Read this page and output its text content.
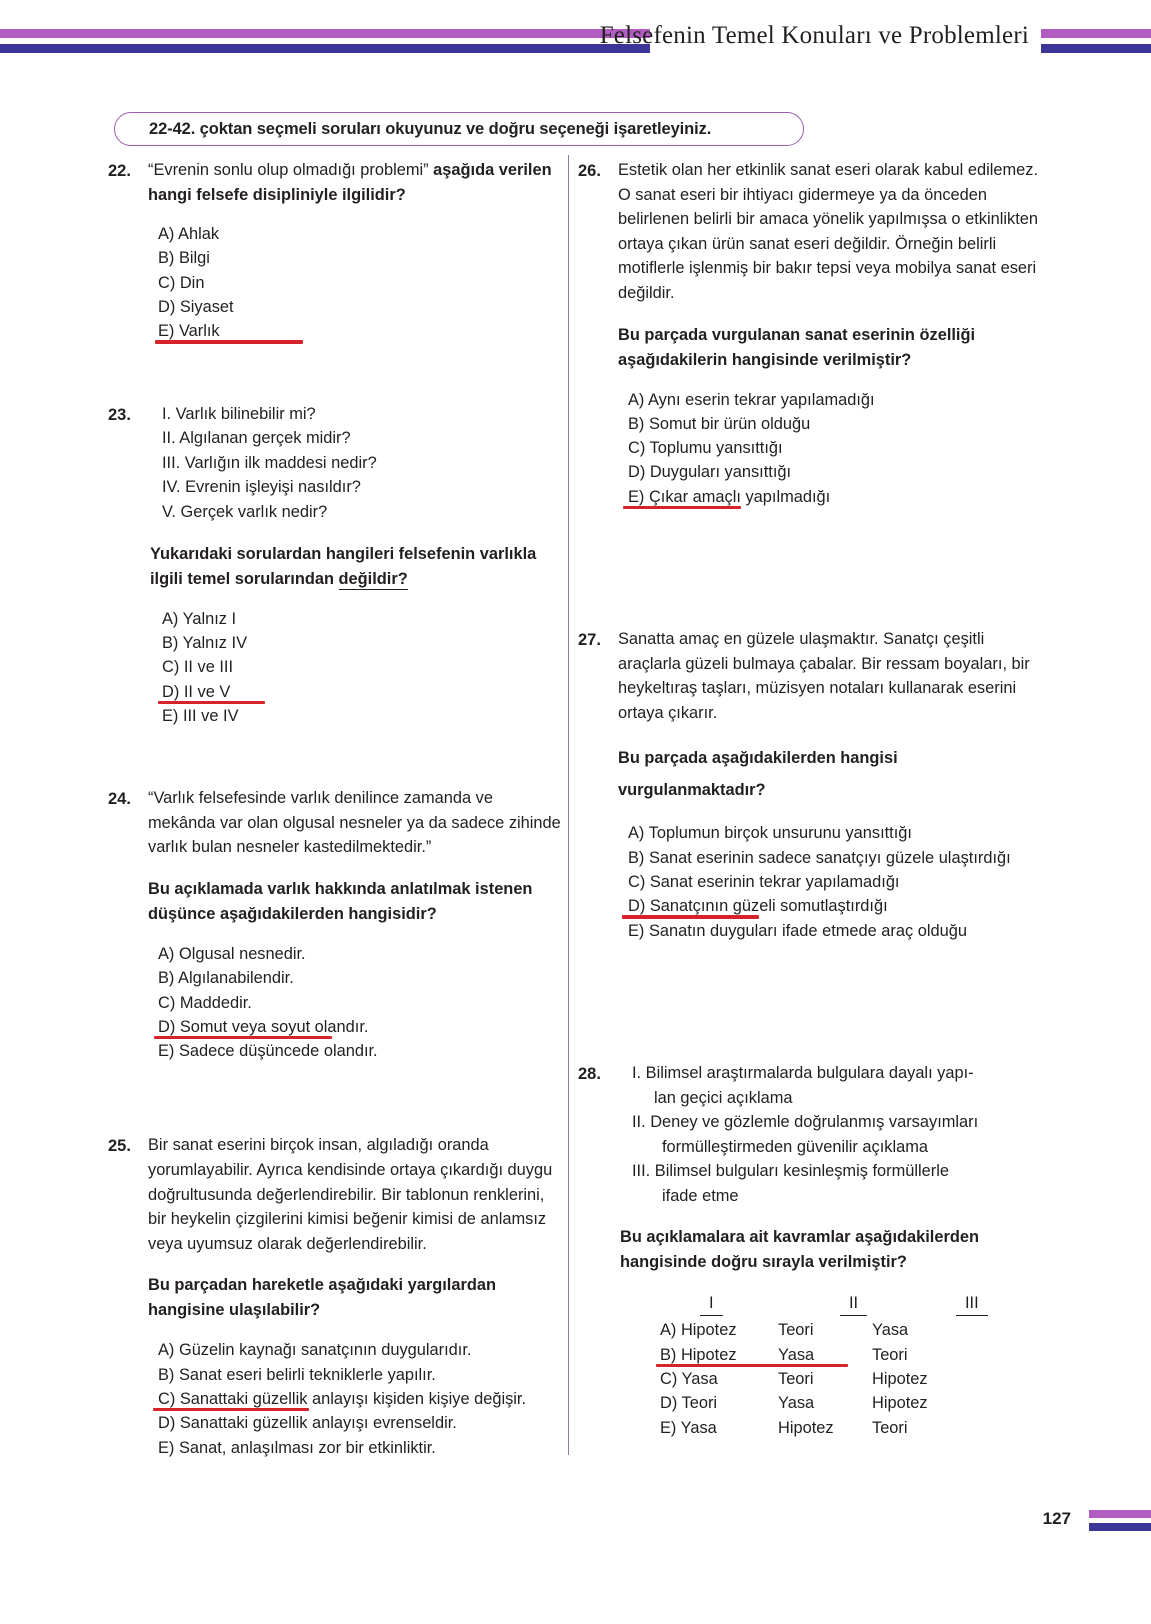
Felsefenin Temel Konuları ve Problemleri
22-42. çoktan seçmeli soruları okuyunuz ve doğru seçeneği işaretleyiniz.
22.	“Evrenin sonlu olup olmadığı problemi” aşağıda verilen hangi felsefe disipliniyle ilgilidir?
A) Ahlak B) Bilgi C) Din D) Siyaset E) Varlık
23.	I. Varlık bilinebilir mi?
II. Algılanan gerçek midir?
III. Varlığın ilk maddesi nedir?
IV. Evrenin işleyişi nasıldır?
V. Gerçek varlık nedir?
Yukarıdaki sorulardan hangileri felsefenin varlıkla ilgili temel sorularından değildir?
A) Yalnız I B) Yalnız IV C) II ve III D) II ve V
E) III ve IV
24.	“Varlık felsefesinde varlık denilince zamanda ve mekânda var olan olgusal nesneler ya da sadece zihinde varlık bulan nesneler kastedilmektedir.”
Bu açıklamada varlık hakkında anlatılmak istenen düşünce aşağıdakilerden hangisidir?
A) Olgusal nesnedir. B) Algılanabilendir. C) Maddedir. D) Somut veya soyut olandır.
E) Sadece düşüncede olandır.
25.	Bir sanat eserini birçok insan, algıladığı oranda yorumlayabilir. Ayrıca kendisinde ortaya çıkardığı duygu doğrultusunda değerlendirebilir. Bir tablonun renklerini, bir heykelin çizgilerini kimisi beğenir kimisi de anlamsız veya uyumsuz olarak değerlendirebilir.
Bu parçadan hareketle aşağıdaki yargılardan hangisine ulaşılabilir?
A) Güzelin kaynağı sanatçının duygularıdır. B) Sanat eseri belirli tekniklerle yapılır. C) Sanattaki güzellik anlayışı kişiden kişiye değişir.
D) Sanattaki güzellik anlayışı evrenseldir. E) Sanat, anlaşılması zor bir etkinliktir.
26.	Estetik olan her etkinlik sanat eseri olarak kabul edilemez. O sanat eseri bir ihtiyacı gidermeye ya da önceden belirlenen belirli bir amaca yönelik yapılmışsa o etkinlikten ortaya çıkan ürün sanat eseri değildir. Örneğin belirli motiflerle işlenmiş bir bakır tepsi veya mobilya sanat eseri değildir.
Bu parçada vurgulanan sanat eserinin özelliği aşağıdakilerin hangisinde verilmiştir?
A) Aynı eserin tekrar yapılamadığı B) Somut bir ürün olduğu C) Toplumu yansıttığı D) Duyguları yansıttığı E) Çıkar amaçlı yapılmadığı
27.	Sanatta amaç en güzele ulaşmaktır. Sanatçı çeşitli araçlarla güzeli bulmaya çabalar. Bir ressam boyaları, bir heykeltıraş taşları, müzisyen notaları kullanarak eserini ortaya çıkarır.
Bu parçada aşağıdakilerden hangisi vurgulanmaktadır?
A) Toplumun birçok unsurunu yansıttığı B) Sanat eserinin sadece sanatçıyı güzele ulaştırdığı C) Sanat eserinin tekrar yapılamadığı D) Sanatçının güzeli somutlaştırdığı
E) Sanatın duyguları ifade etmede araç olduğu
28.	I. Bilimsel araştırmalarda bulgulara dayalı yapı-
lan geçici açıklama
II. Deney ve gözlemle doğrulanmış varsayımları
formülleştirmeden güvenilir açıklama
III. Bilimsel bulguları kesinleşmiş formüllerle
ifade etme
Bu açıklamalara ait kavramlar aşağıdakilerden hangisinde doğru sırayla verilmiştir?
I	II	III
A) Hipotez	Teori	Yasa
B) Hipotez	Yasa	Teori
C) Yasa	Teori	Hipotez
D) Teori	Yasa	Hipotez
E) Yasa	Hipotez	Teori
127
